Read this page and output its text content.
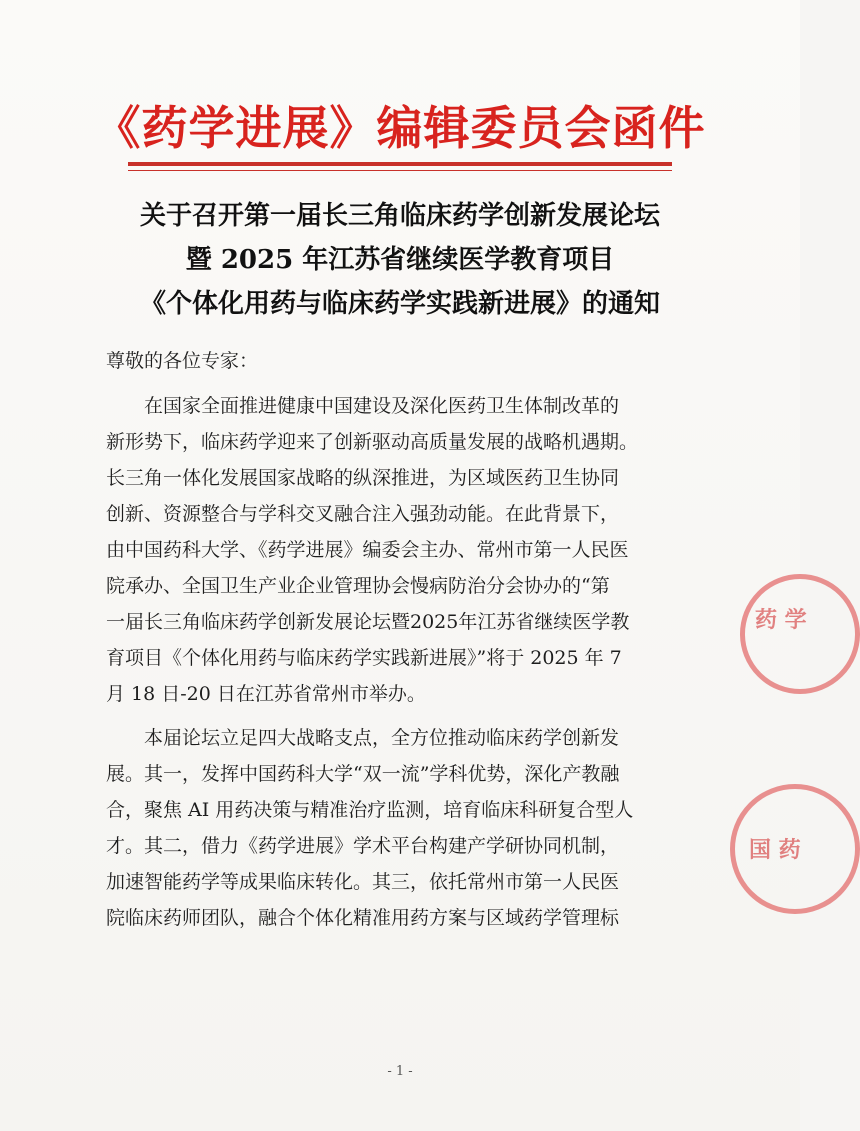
《药学进展》编辑委员会函件
关于召开第一届长三角临床药学创新发展论坛
暨 2025 年江苏省继续医学教育项目
《个体化用药与临床药学实践新进展》的通知
尊敬的各位专家：
在国家全面推进健康中国建设及深化医药卫生体制改革的
新形势下，临床药学迎来了创新驱动高质量发展的战略机遇期。
长三角一体化发展国家战略的纵深推进，为区域医药卫生协同
创新、资源整合与学科交叉融合注入强劲动能。在此背景下，
由中国药科大学、《药学进展》编委会主办、常州市第一人民医
院承办、全国卫生产业企业管理协会慢病防治分会协办的“第
一届长三角临床药学创新发展论坛暨2025年江苏省继续医学教
育项目《个体化用药与临床药学实践新进展》”将于 2025 年 7
月 18 日-20 日在江苏省常州市举办。
本届论坛立足四大战略支点，全方位推动临床药学创新发
展。其一，发挥中国药科大学“双一流”学科优势，深化产教融
合，聚焦 AI 用药决策与精准治疗监测，培育临床科研复合型人
才。其二，借力《药学进展》学术平台构建产学研协同机制，
加速智能药学等成果临床转化。其三，依托常州市第一人民医
院临床药师团队，融合个体化精准用药方案与区域药学管理标
药 学
国 药
- 1 -
